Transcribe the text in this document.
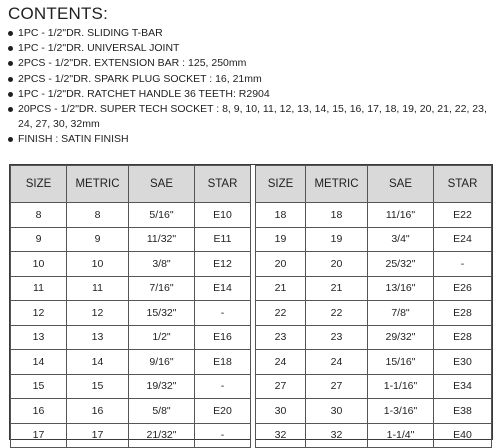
CONTENTS:
1PC - 1/2"DR. SLIDING T-BAR
1PC - 1/2"DR. UNIVERSAL JOINT
2PCS - 1/2"DR. EXTENSION BAR : 125, 250mm
2PCS - 1/2"DR. SPARK PLUG SOCKET : 16, 21mm
1PC - 1/2"DR. RATCHET HANDLE 36 TEETH: R2904
20PCS - 1/2"DR. SUPER TECH SOCKET : 8, 9, 10, 11, 12, 13, 14, 15, 16, 17, 18, 19, 20, 21, 22, 23, 24, 27, 30, 32mm
FINISH : SATIN FINISH
SIZE	METRIC	SAE	STAR		SIZE	METRIC	SAE	STAR
8	8	5/16"	E10		18	18	11/16"	E22
9	9	11/32"	E11		19	19	3/4"	E24
10	10	3/8"	E12		20	20	25/32"	-
11	11	7/16"	E14		21	21	13/16"	E26
12	12	15/32"	-		22	22	7/8"	E28
13	13	1/2"	E16		23	23	29/32"	E28
14	14	9/16"	E18		24	24	15/16"	E30
15	15	19/32"	-		27	27	1-1/16"	E34
16	16	5/8"	E20		30	30	1-3/16"	E38
17	17	21/32"	-		32	32	1-1/4"	E40
